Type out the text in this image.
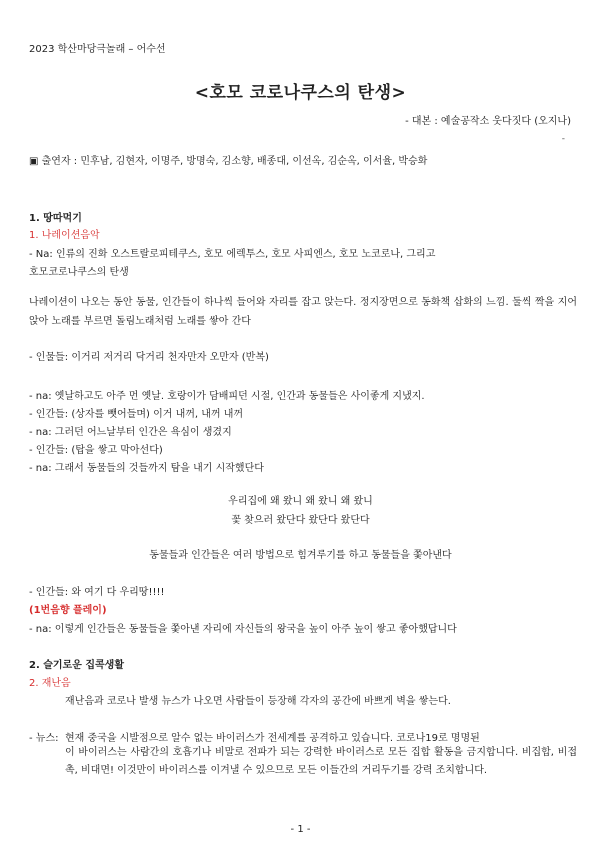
2023 학산마당극놀래 – 어수선
<호모 코로나쿠스의 탄생>
- 대본 : 예술공작소 웃다짓다 (오지나)
-
▣ 출연자 : 민후남, 김현자, 이명주, 방명숙, 김소향, 배종대, 이선옥, 김순옥, 이서율, 박승화
1. 땅따먹기
1. 나레이션음악
- Na: 인류의 진화 오스트랄로피테쿠스, 호모 에렉투스, 호모 사피엔스, 호모 노코로나, 그리고
호모코로나쿠스의 탄생
나레이션이 나오는 동안 동물, 인간들이 하나씩 들어와 자리를 잡고 앉는다. 정지장면으로 동화책 삽화의 느낌. 둘씩 짝을 지어 앉아 노래를 부르면 돌림노래처럼 노래를 쌓아 간다
- 인물들: 이거리 저거리 닥거리 천자만자 오만자 (반복)
- na: 옛날하고도 아주 먼 옛날. 호랑이가 담배피던 시절, 인간과 동물들은 사이좋게 지냈지.
- 인간들: (상자를 뺏어들며) 이거 내꺼, 내꺼 내꺼
- na: 그러던 어느날부터 인간은 욕심이 생겼지
- 인간들: (탑을 쌓고 막아선다)
- na: 그래서 동물들의 것들까지 탐을 내기 시작했단다
우리집에 왜 왔니 왜 왔니 왜 왔니
꽃 찾으러 왔단다 왔단다 왔단다
동물들과 인간들은 여러 방법으로 힘겨루기를 하고 동물들을 쫓아낸다
- 인간들: 와 여기 다 우리땅!!!!
(1번음향 플레이)
- na: 이렇게 인간들은 동물들을 쫓아낸 자리에 자신들의 왕국을 높이 아주 높이 쌓고 좋아했답니다
2. 슬기로운 집콕생활
2. 재난음
재난음과 코로나 발생 뉴스가 나오면 사람들이 등장해 각자의 공간에 바쁘게 벽을 쌓는다.
- 뉴스: 현재 중국을 시발점으로 알수 없는 바이러스가 전세계를 공격하고 있습니다. 코로나19로 명명된
이 바이러스는 사람간의 호흡기나 비말로 전파가 되는 강력한 바이러스로 모든 집합 활동을 금지합니다. 비집합, 비접촉, 비대면! 이것만이 바이러스를 이겨낼 수 있으므로 모든 이들간의 거리두기를 강력 조치합니다.
- 1 -
